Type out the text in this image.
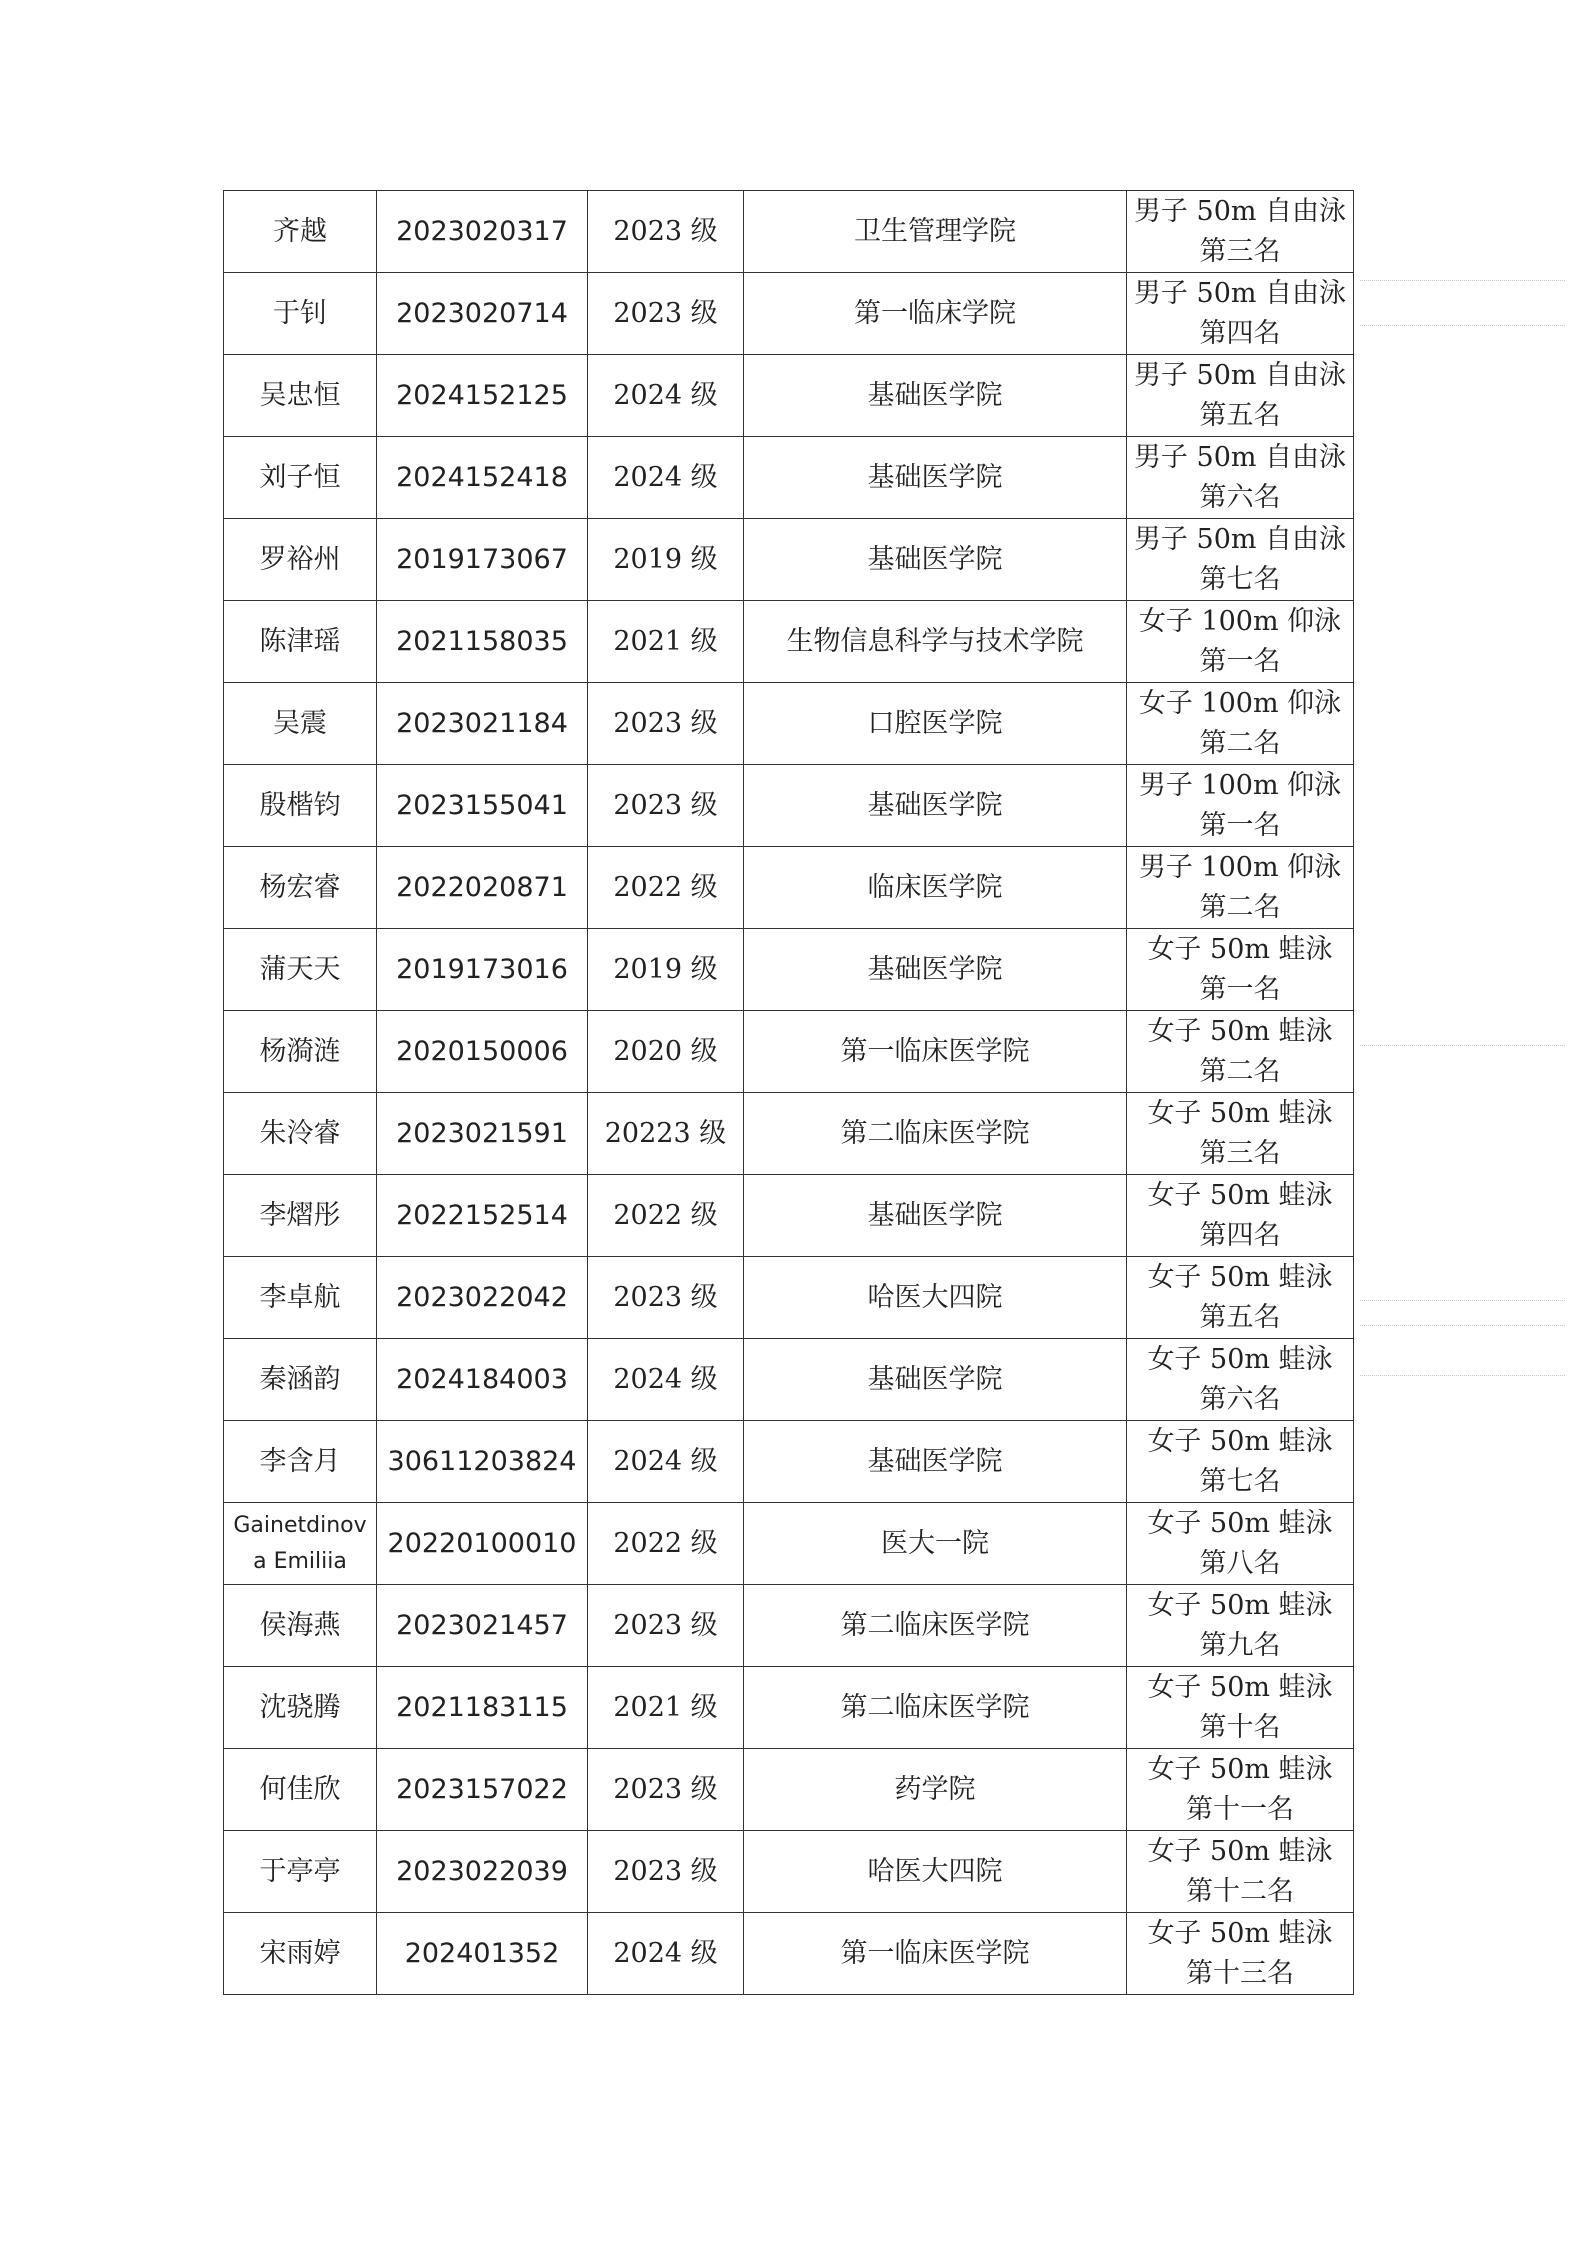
齐越	2023020317	2023 级	卫生管理学院	男子 50m 自由泳 第三名
于钊	2023020714	2023 级	第一临床学院	男子 50m 自由泳 第四名
吴忠恒	2024152125	2024 级	基础医学院	男子 50m 自由泳 第五名
刘子恒	2024152418	2024 级	基础医学院	男子 50m 自由泳 第六名
罗裕州	2019173067	2019 级	基础医学院	男子 50m 自由泳 第七名
陈津瑶	2021158035	2021 级	生物信息科学与技术学院	女子 100m 仰泳 第一名
吴震	2023021184	2023 级	口腔医学院	女子 100m 仰泳 第二名
殷楷钧	2023155041	2023 级	基础医学院	男子 100m 仰泳 第一名
杨宏睿	2022020871	2022 级	临床医学院	男子 100m 仰泳 第二名
蒲天天	2019173016	2019 级	基础医学院	女子 50m 蛙泳 第一名
杨漪涟	2020150006	2020 级	第一临床医学院	女子 50m 蛙泳 第二名
朱泠睿	2023021591	20223 级	第二临床医学院	女子 50m 蛙泳 第三名
李熠彤	2022152514	2022 级	基础医学院	女子 50m 蛙泳 第四名
李卓航	2023022042	2023 级	哈医大四院	女子 50m 蛙泳 第五名
秦涵韵	2024184003	2024 级	基础医学院	女子 50m 蛙泳 第六名
李含月	30611203824	2024 级	基础医学院	女子 50m 蛙泳 第七名
Gainetdinova Emiliia	20220100010	2022 级	医大一院	女子 50m 蛙泳 第八名
侯海燕	2023021457	2023 级	第二临床医学院	女子 50m 蛙泳 第九名
沈骁腾	2021183115	2021 级	第二临床医学院	女子 50m 蛙泳 第十名
何佳欣	2023157022	2023 级	药学院	女子 50m 蛙泳 第十一名
于亭亭	2023022039	2023 级	哈医大四院	女子 50m 蛙泳 第十二名
宋雨婷	202401352	2024 级	第一临床医学院	女子 50m 蛙泳 第十三名
